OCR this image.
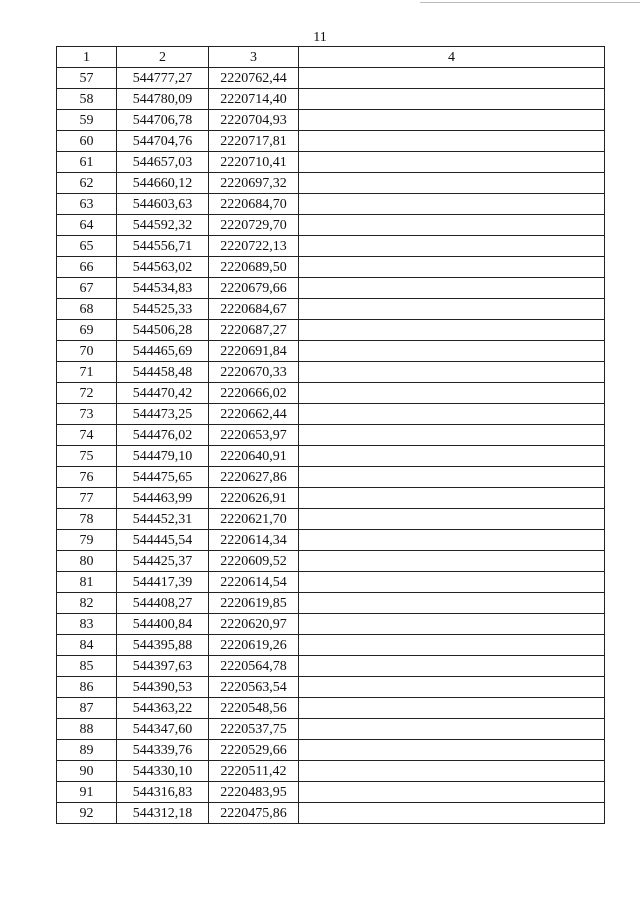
11
1	2	3	4
57	544777,27	2220762,44	
58	544780,09	2220714,40	
59	544706,78	2220704,93	
60	544704,76	2220717,81	
61	544657,03	2220710,41	
62	544660,12	2220697,32	
63	544603,63	2220684,70	
64	544592,32	2220729,70	
65	544556,71	2220722,13	
66	544563,02	2220689,50	
67	544534,83	2220679,66	
68	544525,33	2220684,67	
69	544506,28	2220687,27	
70	544465,69	2220691,84	
71	544458,48	2220670,33	
72	544470,42	2220666,02	
73	544473,25	2220662,44	
74	544476,02	2220653,97	
75	544479,10	2220640,91	
76	544475,65	2220627,86	
77	544463,99	2220626,91	
78	544452,31	2220621,70	
79	544445,54	2220614,34	
80	544425,37	2220609,52	
81	544417,39	2220614,54	
82	544408,27	2220619,85	
83	544400,84	2220620,97	
84	544395,88	2220619,26	
85	544397,63	2220564,78	
86	544390,53	2220563,54	
87	544363,22	2220548,56	
88	544347,60	2220537,75	
89	544339,76	2220529,66	
90	544330,10	2220511,42	
91	544316,83	2220483,95	
92	544312,18	2220475,86	
